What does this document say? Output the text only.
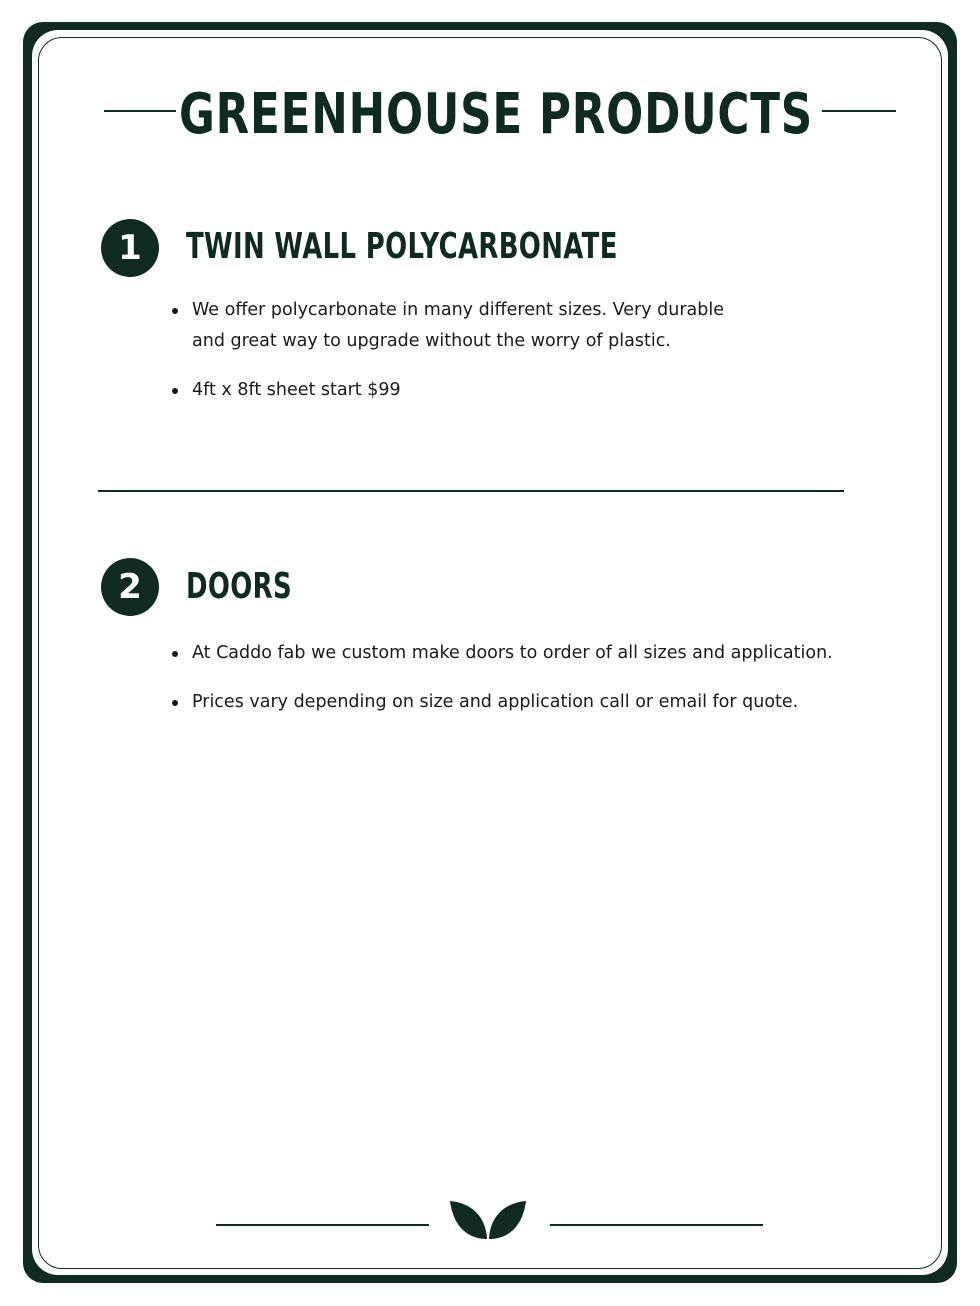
GREENHOUSE PRODUCTS
1	TWIN WALL POLYCARBONATE
We offer polycarbonate in many different sizes. Very durable and great way to upgrade without the worry of plastic.
4ft x 8ft sheet start $99
2	DOORS
At Caddo fab we custom make doors to order of all sizes and application.
Prices vary depending on size and application call or email for quote.
